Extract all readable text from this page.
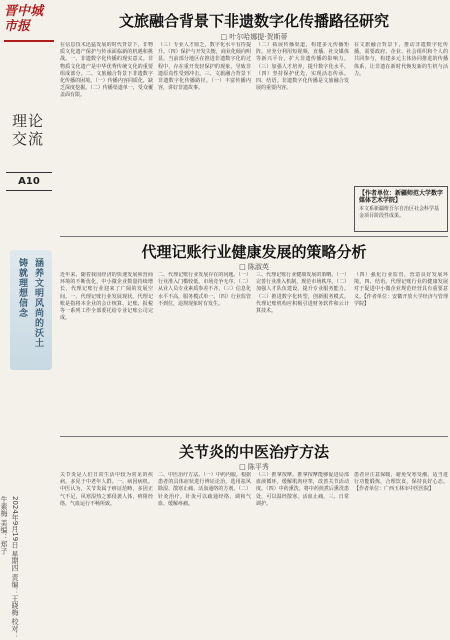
晋中城市报
理论交流
A10
涵养文明风尚的沃土
铸就理想信念
2024年9月19日 星期四 责编：王晓梅 校对：牛素梅 美编：郑子
文旅融合背景下非遗数字化传播路径研究
□ 叶尔哈娜提·贺斯蒂
在信息技术迅猛发展的时代背景下，非物质文化遗产保护与传承面临新的机遇和挑战。一、非遗数字化传播的现实意义。非物质文化遗产是中华优秀传统文化的重要组成部分。二、文旅融合背景下非遗数字化传播的困境。（一）传播内容同质化，缺乏深度挖掘。（二）传播渠道单一，受众覆盖面有限。
（三）专业人才匮乏，数字化水平有待提升。（四）保护与开发失衡，商业化倾向明显。当前部分地区在推进非遗数字化的过程中，存在重开发轻保护的现象，导致非遗原真性受到冲击。三、文旅融合背景下非遗数字化传播路径。（一）丰富传播内容，讲好非遗故事。
（二）拓展传播渠道，构建多元传播矩阵。应充分利用短视频、直播、社交媒体等新兴平台，扩大非遗传播的影响力。（三）加强人才培养，提升数字化水平。（四）坚持保护优先，实现活态传承。四、结语。非遗数字化传播是文旅融合发展的重要内容。
在文旅融合背景下，推动非遗数字化传播，需要政府、企业、社会组织和个人的共同参与，构建多元主体协同推进的传播体系，让非遗在新时代焕发新的生机与活力。
【作者单位：新疆师范大学数字媒体艺术学院】
本文系新疆维吾尔自治区社会科学基金项目阶段性成果。
代理记账行业健康发展的策略分析
□ 陈淑英
近年来，随着我国经济的快速发展和营商环境的不断优化，中小微企业数量持续增长，代理记账行业迎来了广阔的发展空间。一、代理记账行业发展现状。代理记账是指将本企业的会计核算、记账、报税等一系列工作全部委托给专业记账公司完成。
二、代理记账行业发展存在的问题。（一）行业准入门槛较低，市场竞争无序。（二）从业人员专业素质参差不齐。（三）信息化水平不高，服务模式单一。（四）行业监管不到位，违规现象时有发生。
三、代理记账行业健康发展的策略。（一）完善行业准入机制，规范市场秩序。（二）加强人才队伍建设，提升专业服务能力。（三）推进数字化转型，创新服务模式。代理记账机构应积极引进财务软件和云计算技术。
（四）强化行业监管，营造良好发展环境。四、结语。代理记账行业的健康发展对于促进中小微企业规范经营具有重要意义。【作者单位：安徽开放大学经济与管理学院】
关节炎的中医治疗方法
□ 陈平秀
关节炎是人们日常生活中较为常见的疾病，多见于中老年人群。一、病因病机。中医认为，关节炎属于痹证范畴，多因正气不足，风寒湿热之邪侵袭人体，痹阻经络，气血运行不畅所致。
二、中医治疗方法。（一）中药内服。根据患者的具体症状进行辨证论治，选用祛风除湿、散寒止痛、活血通络的方剂。（二）针灸治疗。针灸可以疏通经络、调和气血、缓解疼痛。
（三）推拿按摩。推拿按摩能够促进局部血液循环，缓解肌肉痉挛，改善关节活动度。（四）中药熏洗。将中药煎煮后熏洗患处，可以温经散寒、活血止痛。三、日常调护。
患者应注意保暖，避免受寒受潮，适当进行功能锻炼，合理饮食，保持良好心态。【作者单位：广西玉林市中医医院】
